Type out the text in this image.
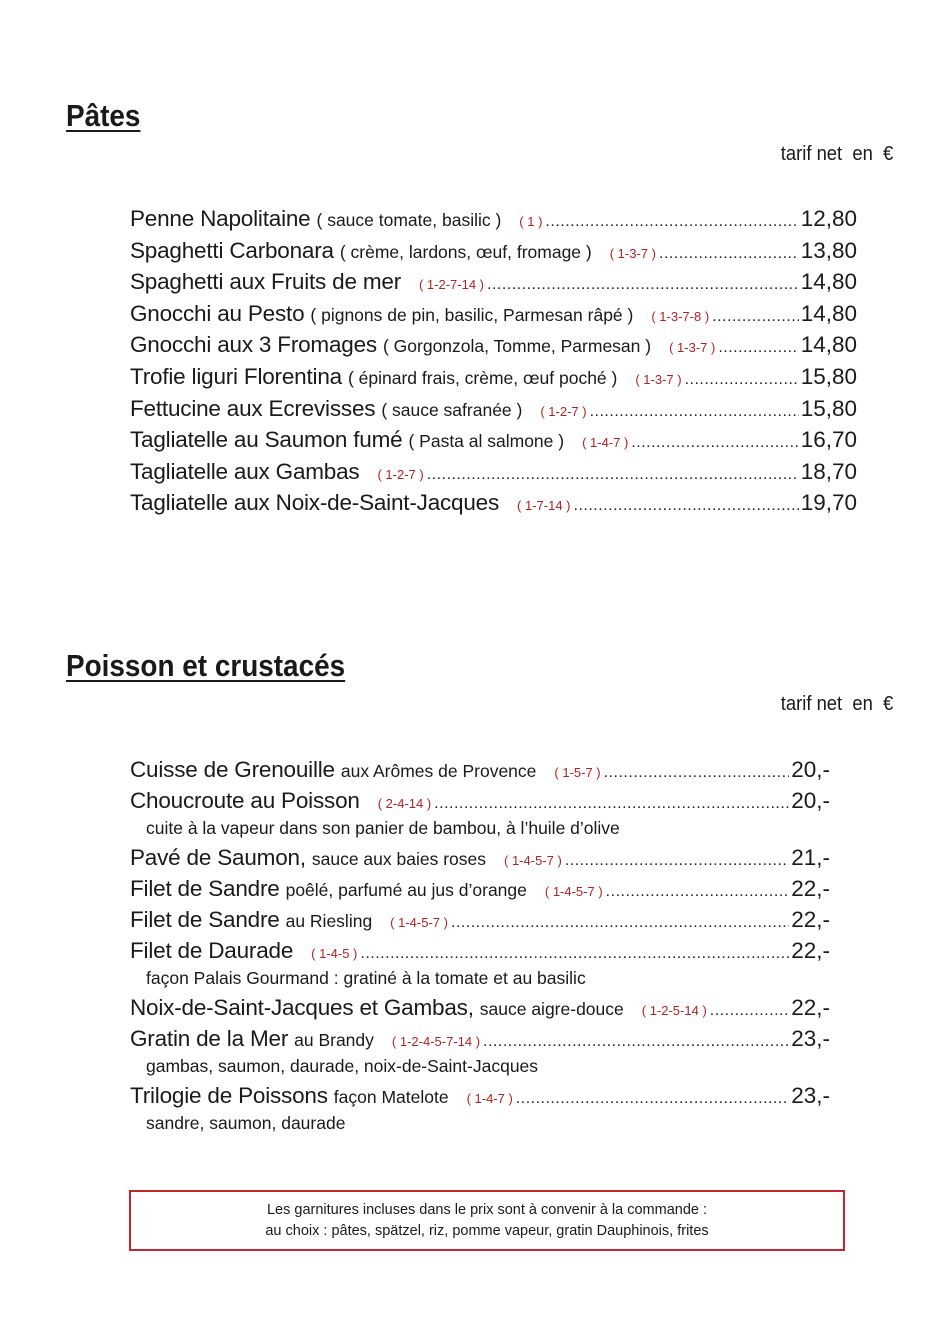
Pâtes
tarif net  en  €
Penne Napolitaine ( sauce tomate, basilic ) ( 1 ) .....	12,80
Spaghetti Carbonara ( crème, lardons, œuf, fromage ) ( 1-3-7 ) .....	13,80
Spaghetti aux Fruits de mer ( 1-2-7-14 ) .....	14,80
Gnocchi au Pesto ( pignons de pin, basilic, Parmesan râpé ) ( 1-3-7-8 ) .....	14,80
Gnocchi aux 3 Fromages ( Gorgonzola, Tomme, Parmesan ) ( 1-3-7 ) .....	14,80
Trofie liguri Florentina ( épinard frais, crème, œuf poché ) ( 1-3-7 ) .....	15,80
Fettucine aux Ecrevisses ( sauce safranée ) ( 1-2-7 ) .....	15,80
Tagliatelle au Saumon fumé ( Pasta al salmone ) ( 1-4-7 ) .....	16,70
Tagliatelle aux Gambas ( 1-2-7 ) .....	18,70
Tagliatelle aux Noix-de-Saint-Jacques ( 1-7-14 ) .....	19,70
Poisson et crustacés
tarif net  en  €
Cuisse de Grenouille aux Arômes de Provence ( 1-5-7 ) .....	20,-
Choucroute au Poisson ( 2-4-14 ) .....	20,-
cuite à la vapeur dans son panier de bambou, à l’huile d’olive
Pavé de Saumon, sauce aux baies roses ( 1-4-5-7 ) .....	21,-
Filet de Sandre poêlé, parfumé au jus d’orange ( 1-4-5-7 ) .....	22,-
Filet de Sandre au Riesling ( 1-4-5-7 ) .....	22,-
Filet de Daurade ( 1-4-5 ) .....	22,-
façon Palais Gourmand : gratiné à la tomate et au basilic
Noix-de-Saint-Jacques et Gambas, sauce aigre-douce ( 1-2-5-14 ) .....	22,-
Gratin de la Mer au Brandy ( 1-2-4-5-7-14 ) .....	23,-
gambas, saumon, daurade, noix-de-Saint-Jacques
Trilogie de Poissons façon Matelote ( 1-4-7 ) .....	23,-
sandre, saumon, daurade
Les garnitures incluses dans le prix sont à convenir à la commande :
au choix : pâtes, spätzel, riz, pomme vapeur, gratin Dauphinois, frites
